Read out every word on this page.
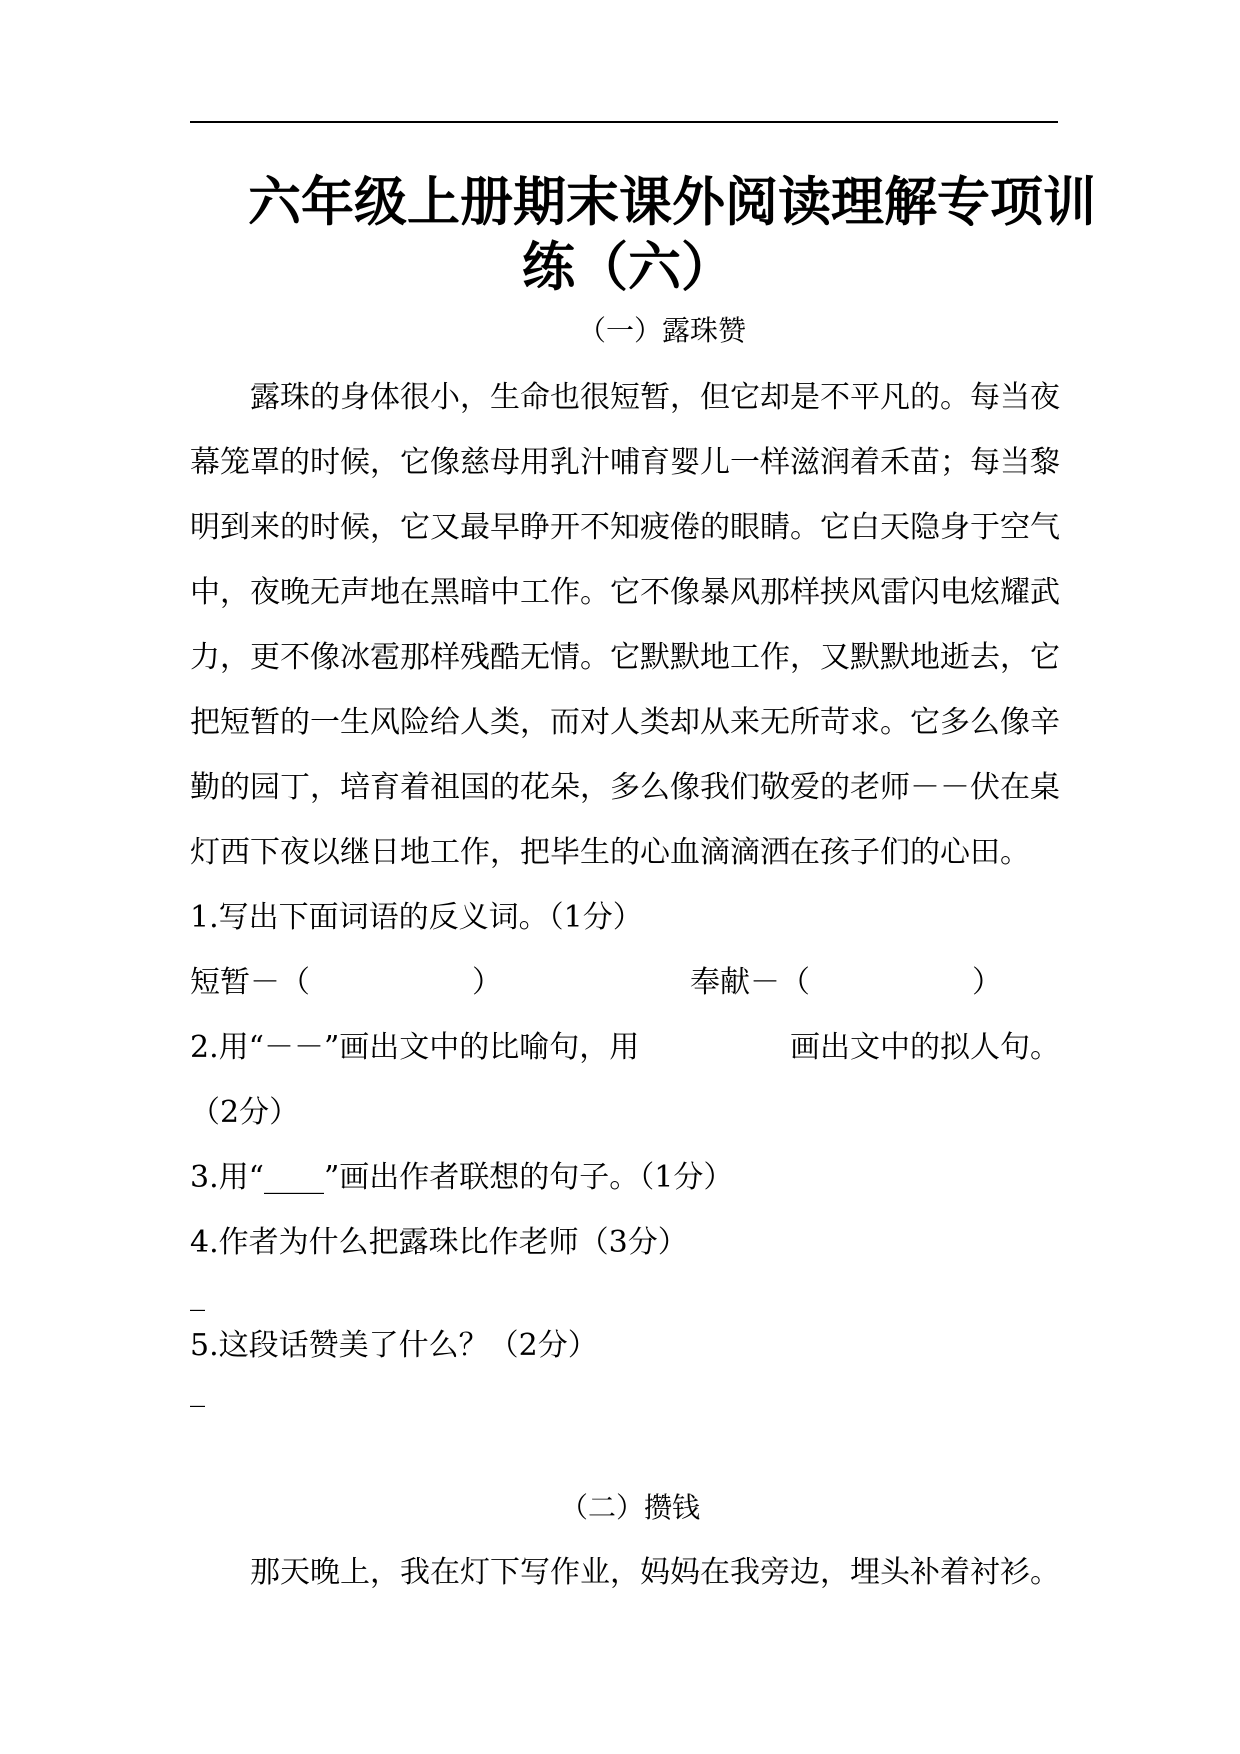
六年级上册期末课外阅读理解专项训
练（六）
（一）露珠赞
露珠的身体很小，生命也很短暂，但它却是不平凡的。每当夜
幕笼罩的时候，它像慈母用乳汁哺育婴儿一样滋润着禾苗；每当黎
明到来的时候，它又最早睁开不知疲倦的眼睛。它白天隐身于空气
中，夜晚无声地在黑暗中工作。它不像暴风那样挟风雷闪电炫耀武
力，更不像冰雹那样残酷无情。它默默地工作，又默默地逝去，它
把短暂的一生风险给人类，而对人类却从来无所苛求。它多么像辛
勤的园丁，培育着祖国的花朵，多么像我们敬爱的老师－－伏在桌
灯西下夜以继日地工作，把毕生的心血滴滴洒在孩子们的心田。
1.写出下面词语的反义词。（1分）
短暂－（	）	奉献－（	）
2.用“－－”画出文中的比喻句，用	画出文中的拟人句。
（2分）
3.用“____”画出作者联想的句子。（1分）
4.作者为什么把露珠比作老师（3分）
_
5.这段话赞美了什么？（2分）
_
（二）攒钱
那天晚上，我在灯下写作业，妈妈在我旁边，埋头补着衬衫。
